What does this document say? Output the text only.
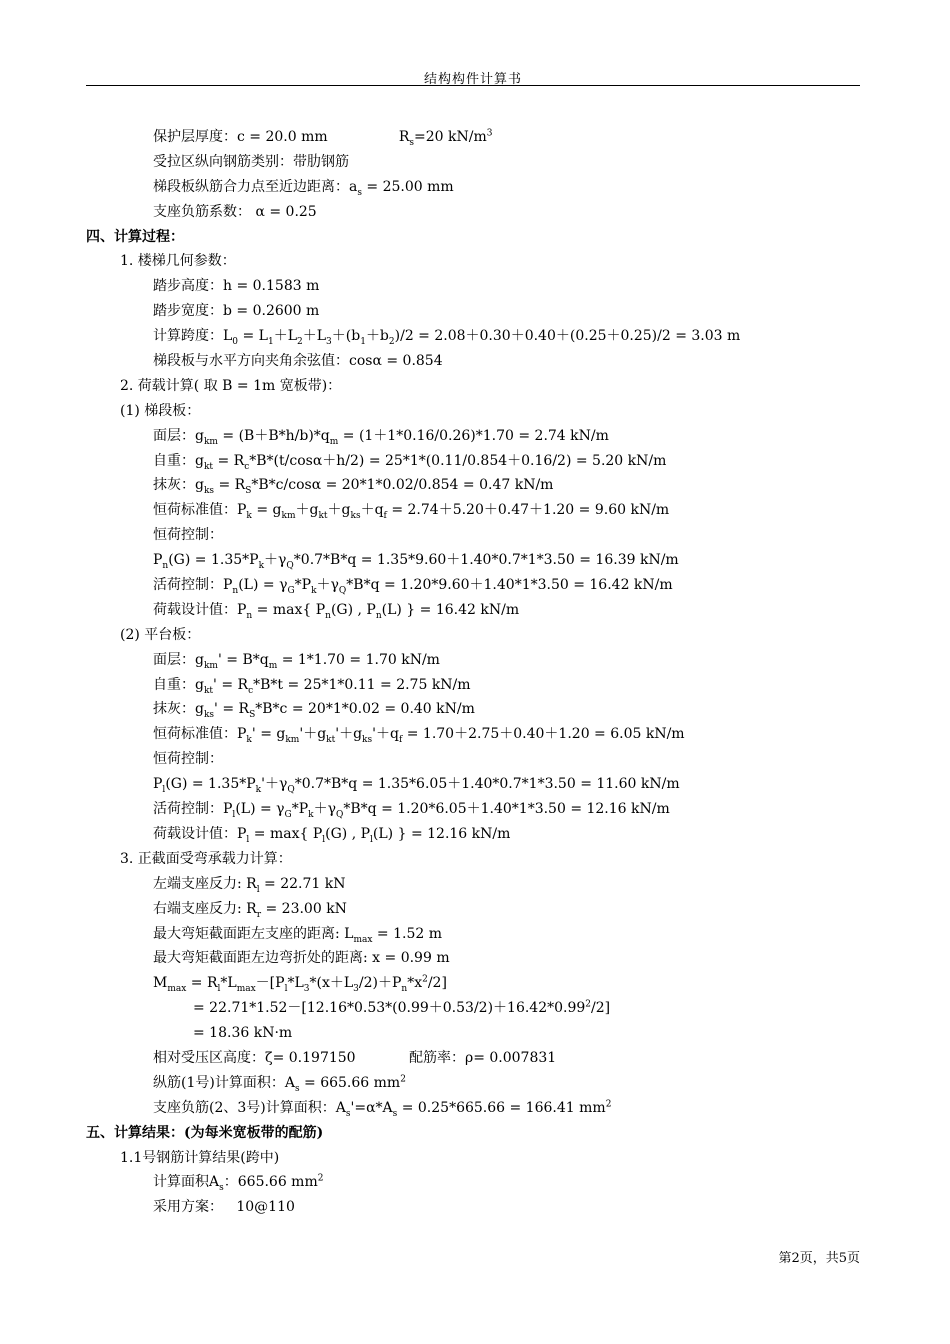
结构构件计算书
保护层厚度：c = 20.0 mm                $R_s=20$ $kN/m^3$
受拉区纵向钢筋类别：带肋钢筋
梯段板纵筋合力点至近边距离：$a_s = 25.00$ mm
支座负筋系数： α = 0.25
四、计算过程：
1. 楼梯几何参数：
踏步高度：h = 0.1583 m
踏步宽度：b = 0.2600 m
计算跨度：$L_0 = L_1+L_2+L_3+(b_1+b_2)/2 = 2.08+0.30+0.40+(0.25+0.25)/2 = 3.03$ m
梯段板与水平方向夹角余弦值：cosα = 0.854
2. 荷载计算( 取 B = 1m 宽板带)：
(1) 梯段板：
面层：$g_{km} = (B+B*h/b)*q_m = (1+1*0.16/0.26)*1.70 = 2.74$ kN/m
自重：$g_{kt} = R_c*B*(t/\cos\alpha+h/2) = 25*1*(0.11/0.854+0.16/2) = 5.20$ kN/m
抹灰：$g_{ks} = R_S*B*c/\cos\alpha = 20*1*0.02/0.854 = 0.47$ kN/m
恒荷标准值：$P_k = g_{km}+g_{kt}+g_{ks}+q_f = 2.74+5.20+0.47+1.20 = 9.60$ kN/m
恒荷控制：
$P_n(G) = 1.35*P_k+\gamma_Q*0.7*B*q = 1.35*9.60+1.40*0.7*1*3.50 = 16.39$ kN/m
活荷控制：$P_n(L) = \gamma_G*P_k+\gamma_Q*B*q = 1.20*9.60+1.40*1*3.50 = 16.42$ kN/m
荷载设计值：$P_n = \max${ $P_n(G)$ , $P_n(L)$ } = 16.42 kN/m
(2) 平台板：
面层：$g_{km}' = B*q_m = 1*1.70 = 1.70$ kN/m
自重：$g_{kt}' = R_c*B*t = 25*1*0.11 = 2.75$ kN/m
抹灰：$g_{ks}' = R_S*B*c = 20*1*0.02 = 0.40$ kN/m
恒荷标准值：$P_k' = g_{km}'+g_{kt}'+g_{ks}'+q_f = 1.70+2.75+0.40+1.20 = 6.05$ kN/m
恒荷控制：
$P_l(G) = 1.35*P_k'+\gamma_Q*0.7*B*q = 1.35*6.05+1.40*0.7*1*3.50 = 11.60$ kN/m
活荷控制：$P_l(L) = \gamma_G*P_k+\gamma_Q*B*q = 1.20*6.05+1.40*1*3.50 = 12.16$ kN/m
荷载设计值：$P_l = \max${ $P_l(G)$ , $P_l(L)$ } = 12.16 kN/m
3. 正截面受弯承载力计算：
左端支座反力: $R_l = 22.71$ kN
右端支座反力: $R_r = 23.00$ kN
最大弯矩截面距左支座的距离: $L_{max} = 1.52$ m
最大弯矩截面距左边弯折处的距离: x = 0.99 m
$M_{max} = R_l*L_{max}-[P_l*L_3*(x+L_3/2)+P_n*x^2/2]$
= $22.71*1.52-[12.16*0.53*(0.99+0.53/2)+16.42*0.99^2/2]$
= 18.36 kN·m
相对受压区高度：ζ= 0.197150            配筋率：ρ= 0.007831
纵筋(1号)计算面积：$A_s = 665.66$ $mm^2$
支座负筋(2、3号)计算面积：$A_s'=\alpha*A_s = 0.25*665.66 = 166.41$ $mm^2$
五、计算结果：(为每米宽板带的配筋)
1.1号钢筋计算结果(跨中)
计算面积$A_s$：665.66 $mm^2$
采用方案：   10@110
第2页，共5页
